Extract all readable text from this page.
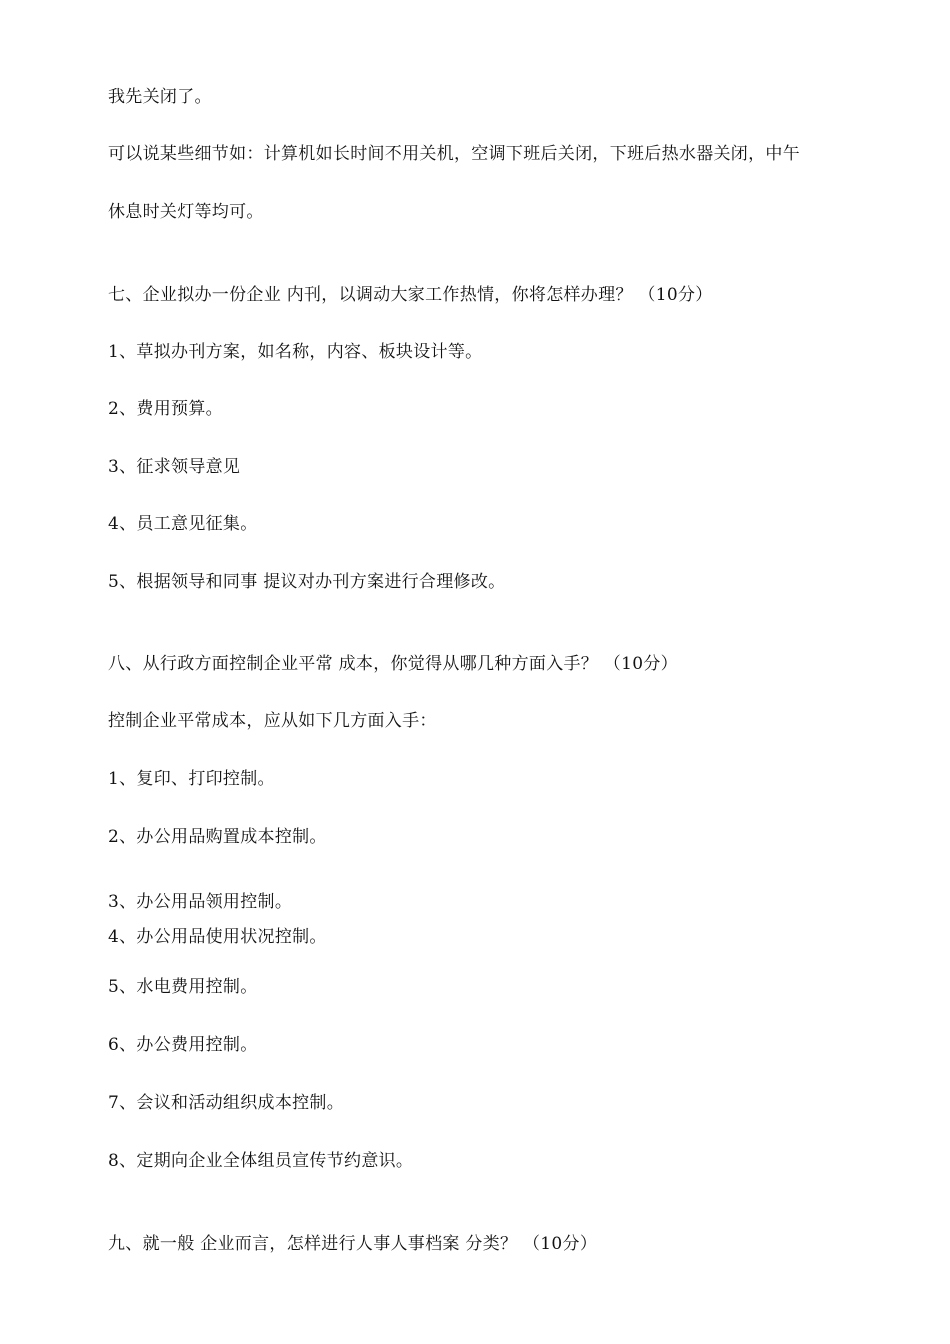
我先关闭了。

可以说某些细节如：计算机如长时间不用关机，空调下班后关闭，下班后热水器关闭，中午

休息时关灯等均可。

七、企业拟办一份企业 内刊，以调动大家工作热情，你将怎样办理？ （10分）

1、草拟办刊方案，如名称，内容、板块设计等。

2、费用预算。

3、征求领导意见

4、员工意见征集。

5、根据领导和同事 提议对办刊方案进行合理修改。

八、从行政方面控制企业平常 成本，你觉得从哪几种方面入手？ （10分）

控制企业平常成本，应从如下几方面入手：

1、复印、打印控制。

2、办公用品购置成本控制。

3、办公用品领用控制。

4、办公用品使用状况控制。

5、水电费用控制。

6、办公费用控制。

7、会议和活动组织成本控制。

8、定期向企业全体组员宣传节约意识。

九、就一般 企业而言，怎样进行人事人事档案 分类？ （10分）
